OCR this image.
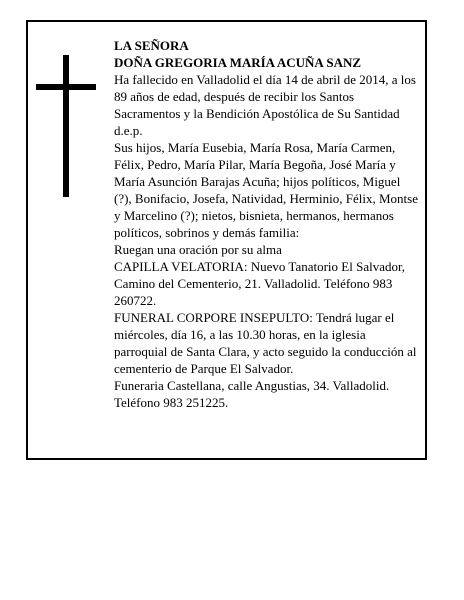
LA SEÑORA

DOÑA GREGORIA MARÍA ACUÑA SANZ

Ha fallecido en Valladolid el día 14 de abril de 2014, a los 89 años de edad, después de recibir los Santos Sacramentos y la Bendición Apostólica de Su Santidad

d.e.p.

Sus hijos, María Eusebia, María Rosa, María Carmen, Félix, Pedro, María Pilar, María Begoña, José María y María Asunción Barajas Acuña; hijos políticos, Miguel (?), Bonifacio, Josefa, Natividad, Herminio, Félix, Montse y Marcelino (?); nietos, bisnieta, hermanos, hermanos políticos, sobrinos y demás familia:

Ruegan una oración por su alma

CAPILLA VELATORIA: Nuevo Tanatorio El Salvador, Camino del Cementerio, 21. Valladolid. Teléfono 983 260722.

FUNERAL CORPORE INSEPULTO: Tendrá lugar el miércoles, día 16, a las 10.30 horas, en la iglesia parroquial de Santa Clara, y acto seguido la conducción al cementerio de Parque El Salvador.

Funeraria Castellana, calle Angustias, 34. Valladolid. Teléfono 983 251225.
